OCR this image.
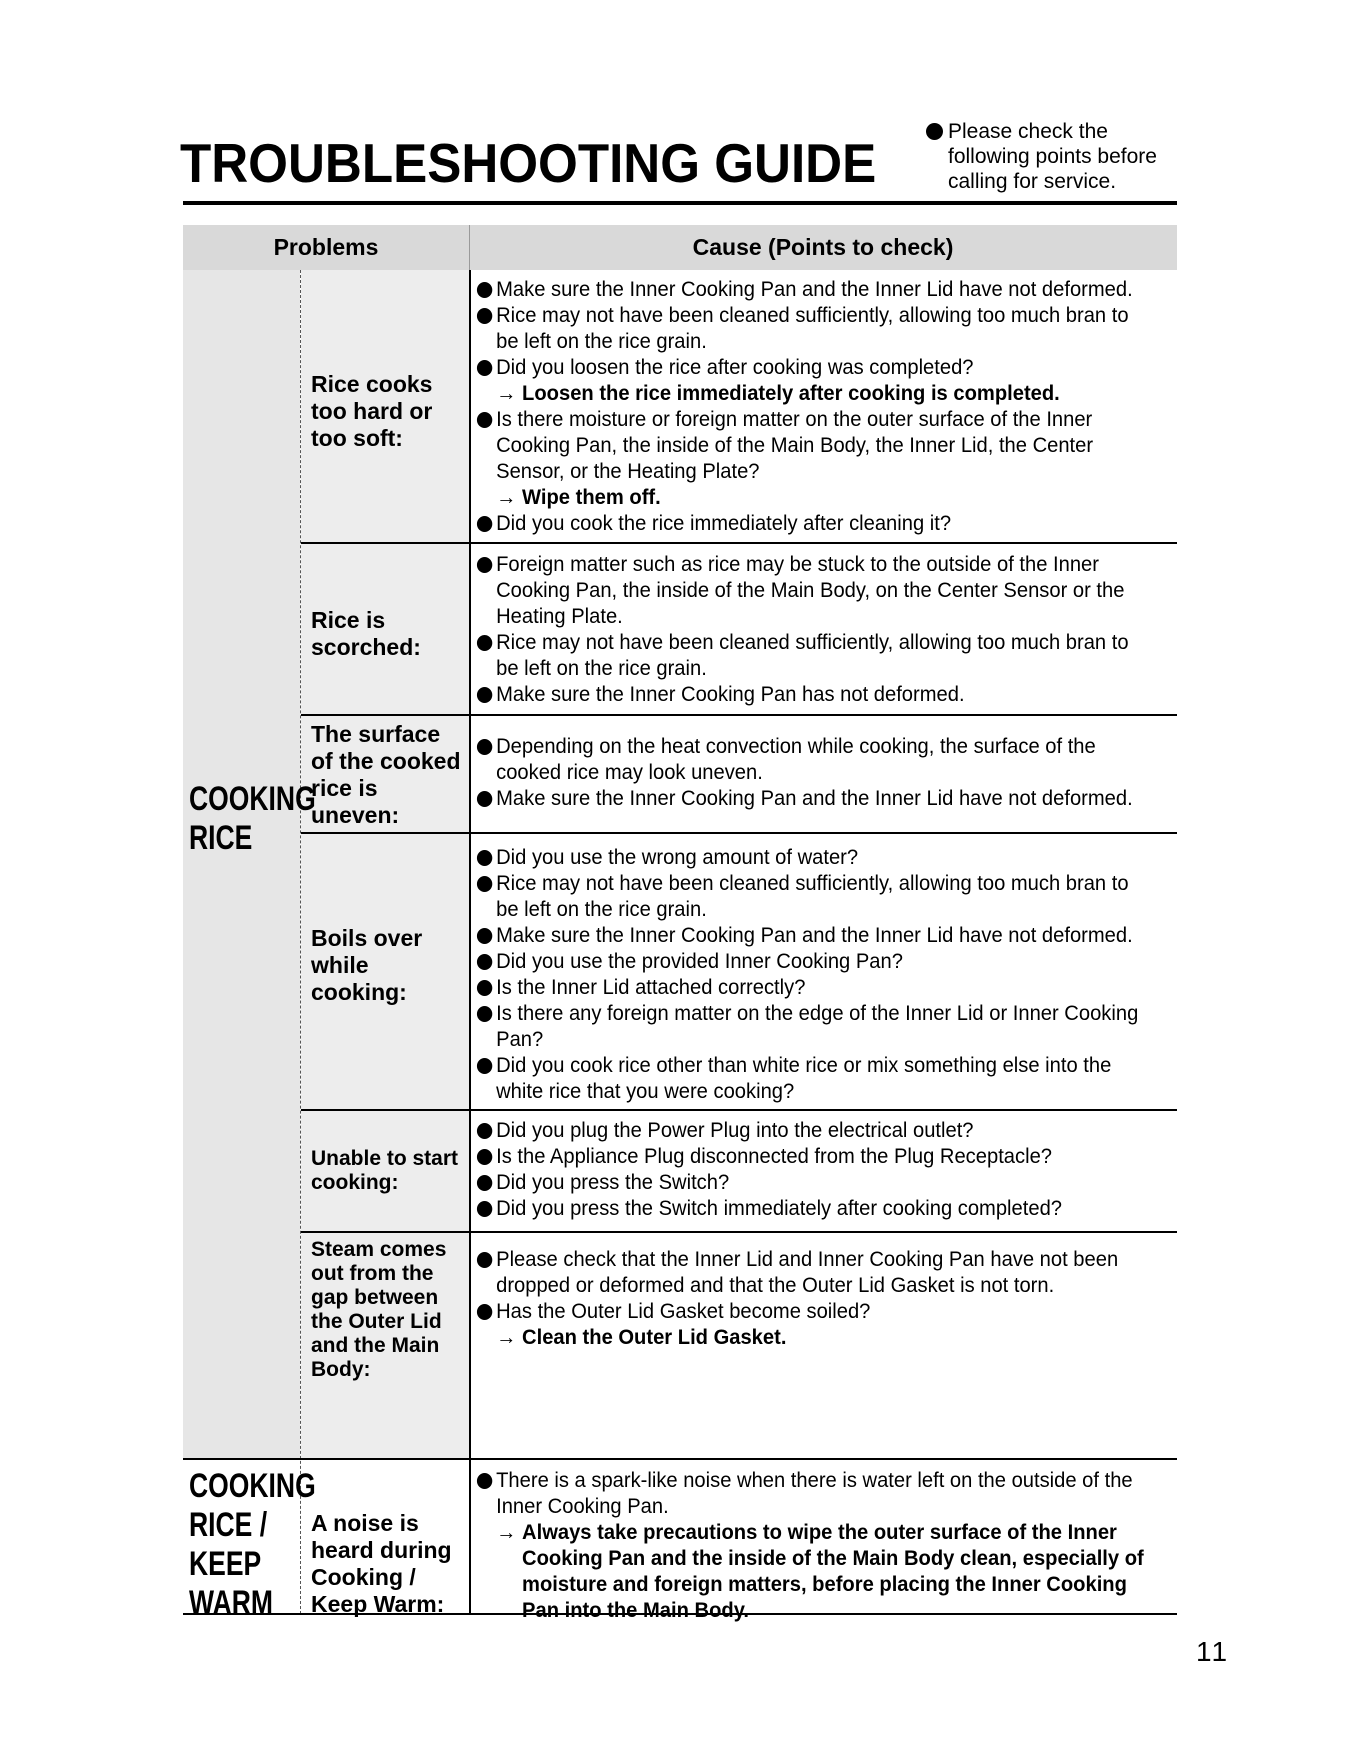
TROUBLESHOOTING GUIDE
Please check the following points before calling for service.
Problems	Cause (Points to check)
COOKING
RICE
COOKING
RICE /
KEEP
WARM
Rice cooks too hard or too soft:
Rice is scorched:
The surface of the cooked rice is uneven:
Boils over while cooking:
Unable to start cooking:
Steam comes out from the gap between the Outer Lid and the Main Body:
A noise is heard during Cooking / Keep Warm:
Make sure the Inner Cooking Pan and the Inner Lid have not deformed.
Rice may not have been cleaned sufficiently, allowing too much bran to be left on the rice grain.
Did you loosen the rice after cooking was completed?
→ Loosen the rice immediately after cooking is completed.
Is there moisture or foreign matter on the outer surface of the Inner Cooking Pan, the inside of the Main Body, the Inner Lid, the Center Sensor, or the Heating Plate?
→ Wipe them off.
Did you cook the rice immediately after cleaning it?
Foreign matter such as rice may be stuck to the outside of the Inner Cooking Pan, the inside of the Main Body, on the Center Sensor or the Heating Plate.
Rice may not have been cleaned sufficiently, allowing too much bran to be left on the rice grain.
Make sure the Inner Cooking Pan has not deformed.
Depending on the heat convection while cooking, the surface of the cooked rice may look uneven.
Make sure the Inner Cooking Pan and the Inner Lid have not deformed.
Did you use the wrong amount of water?
Rice may not have been cleaned sufficiently, allowing too much bran to be left on the rice grain.
Make sure the Inner Cooking Pan and the Inner Lid have not deformed.
Did you use the provided Inner Cooking Pan?
Is the Inner Lid attached correctly?
Is there any foreign matter on the edge of the Inner Lid or Inner Cooking Pan?
Did you cook rice other than white rice or mix something else into the white rice that you were cooking?
Did you plug the Power Plug into the electrical outlet?
Is the Appliance Plug disconnected from the Plug Receptacle?
Did you press the Switch?
Did you press the Switch immediately after cooking completed?
Please check that the Inner Lid and Inner Cooking Pan have not been dropped or deformed and that the Outer Lid Gasket is not torn.
Has the Outer Lid Gasket become soiled?
→ Clean the Outer Lid Gasket.
There is a spark-like noise when there is water left on the outside of the Inner Cooking Pan.
→ Always take precautions to wipe the outer surface of the Inner Cooking Pan and the inside of the Main Body clean, especially of moisture and foreign matters, before placing the Inner Cooking Pan into the Main Body.
11
